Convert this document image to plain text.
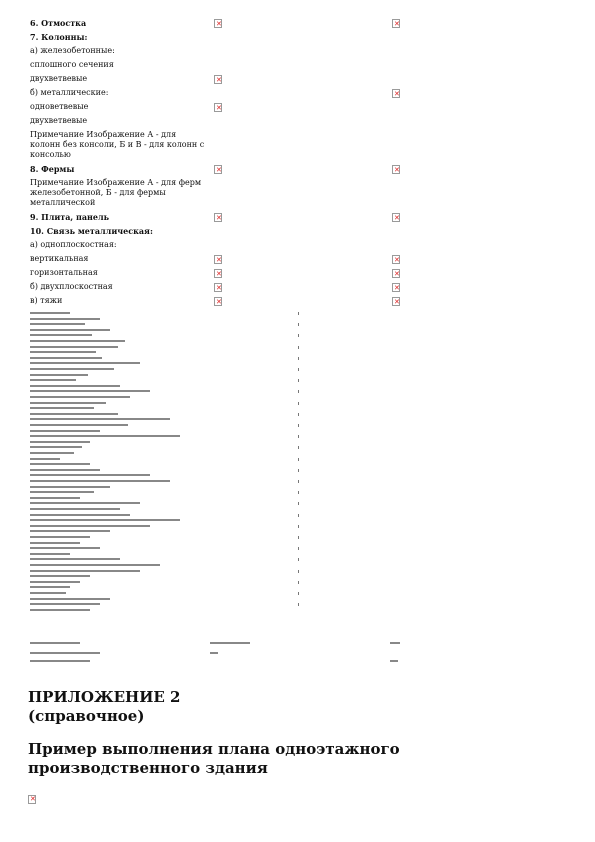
6. Отмостка
✕
✕
7. Колонны:
а) железобетонные:
сплошного сечения
двухветвевые
✕
б) металлические:
✕
одноветвевые
✕
двухветвевые
Примечание Изображение А - для колонн без консоли, Б и В - для колонн с консолью
8. Фермы
✕
✕
Примечание Изображение А - для ферм железобетонной, Б - для фермы металлической
9. Плита, панель
✕
✕
10. Связь металлическая:
а) одноплоскостная:
вертикальная
✕
✕
горизонтальная
✕
✕
б) двухплоскостная
✕
✕
в) тяжи
✕
✕
ПРИЛОЖЕНИЕ 2
(справочное)
Пример выполнения плана одноэтажного производственного здания
✕
